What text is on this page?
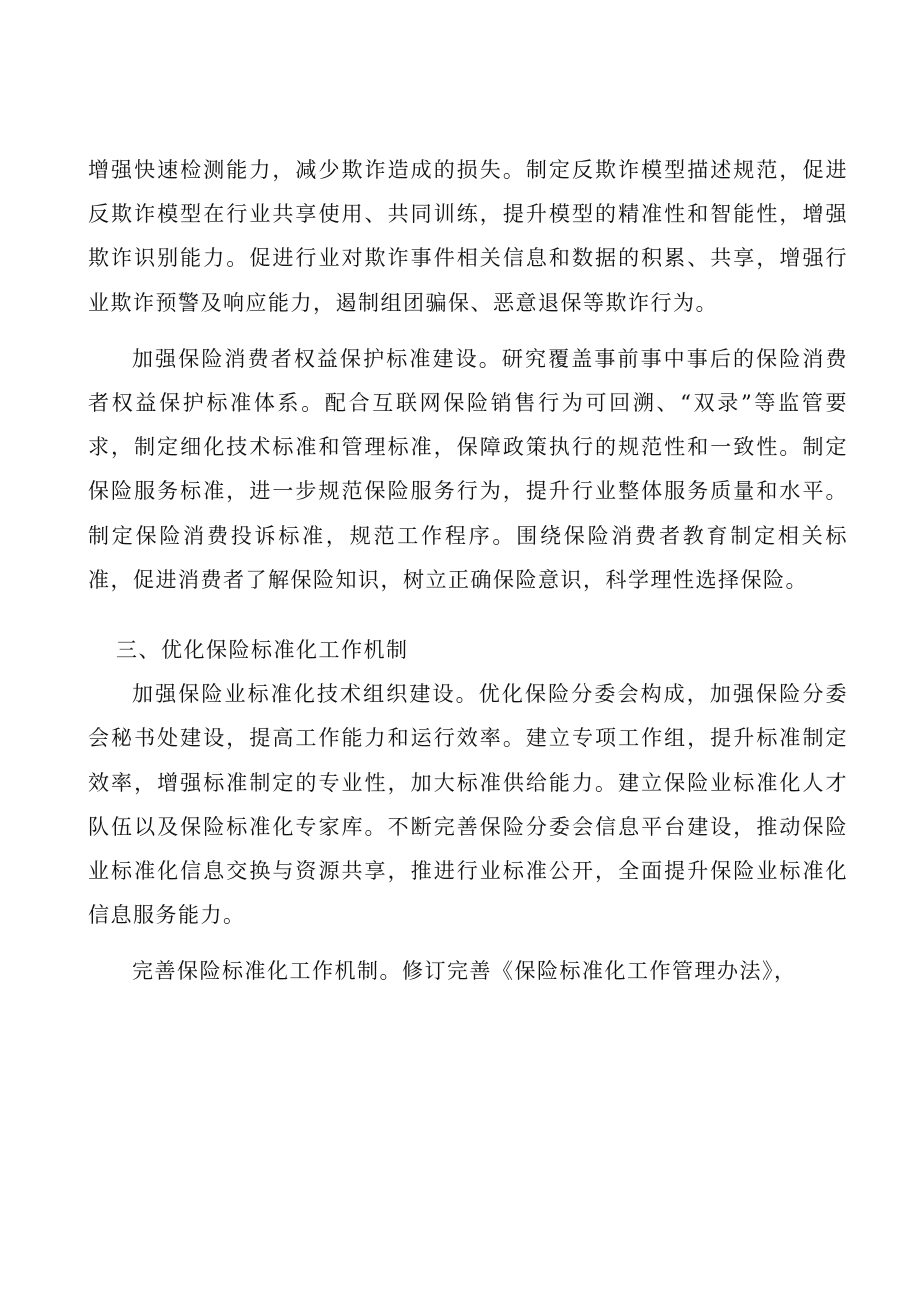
增强快速检测能力，减少欺诈造成的损失。制定反欺诈模型描述规范，促进反欺诈模型在行业共享使用、共同训练，提升模型的精准性和智能性，增强欺诈识别能力。促进行业对欺诈事件相关信息和数据的积累、共享，增强行业欺诈预警及响应能力，遏制组团骗保、恶意退保等欺诈行为。

加强保险消费者权益保护标准建设。研究覆盖事前事中事后的保险消费者权益保护标准体系。配合互联网保险销售行为可回溯、“双录”等监管要求，制定细化技术标准和管理标准，保障政策执行的规范性和一致性。制定保险服务标准，进一步规范保险服务行为，提升行业整体服务质量和水平。制定保险消费投诉标准，规范工作程序。围绕保险消费者教育制定相关标准，促进消费者了解保险知识，树立正确保险意识，科学理性选择保险。

三、优化保险标准化工作机制

加强保险业标准化技术组织建设。优化保险分委会构成，加强保险分委会秘书处建设，提高工作能力和运行效率。建立专项工作组，提升标准制定效率，增强标准制定的专业性，加大标准供给能力。建立保险业标准化人才队伍以及保险标准化专家库。不断完善保险分委会信息平台建设，推动保险业标准化信息交换与资源共享，推进行业标准公开，全面提升保险业标准化信息服务能力。

完善保险标准化工作机制。修订完善《保险标准化工作管理办法》，
